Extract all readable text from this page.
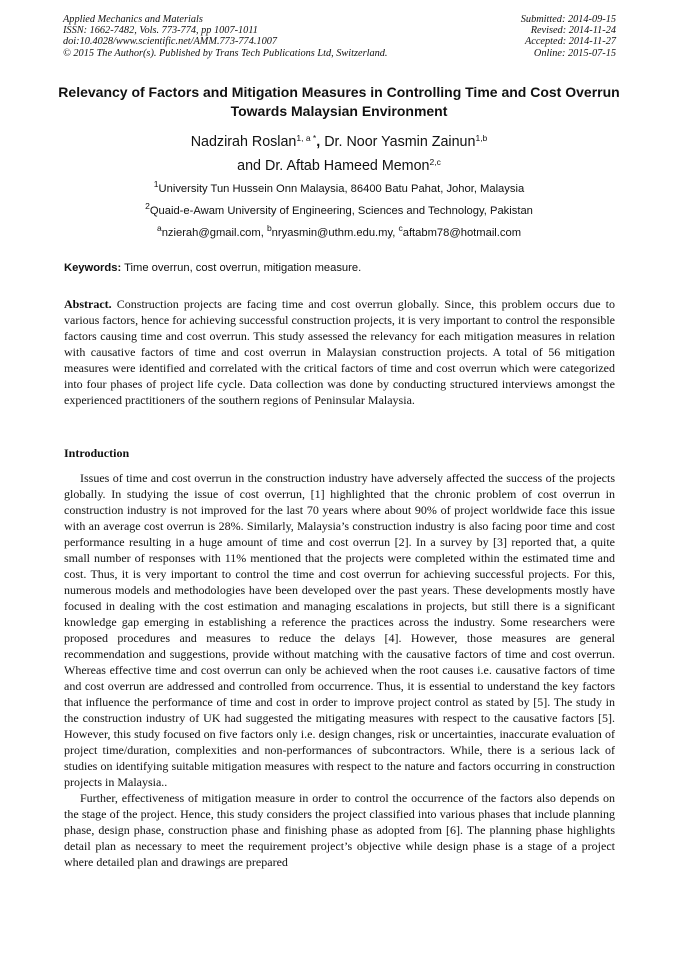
Applied Mechanics and Materials
ISSN: 1662-7482, Vols. 773-774, pp 1007-1011
doi:10.4028/www.scientific.net/AMM.773-774.1007
© 2015 The Author(s). Published by Trans Tech Publications Ltd, Switzerland.
Submitted: 2014-09-15
Revised: 2014-11-24
Accepted: 2014-11-27
Online: 2015-07-15
Relevancy of Factors and Mitigation Measures in Controlling Time and Cost Overrun Towards Malaysian Environment
Nadzirah Roslan$^{1, a *}$, Dr. Noor Yasmin Zainun$^{1,b}$
and Dr. Aftab Hameed Memon$^{2,c}$
$^1$University Tun Hussein Onn Malaysia, 86400 Batu Pahat, Johor, Malaysia
$^2$Quaid-e-Awam University of Engineering, Sciences and Technology, Pakistan
$^a$nzierah@gmail.com, $^b$nryasmin@uthm.edu.my, $^c$aftabm78@hotmail.com
Keywords: Time overrun, cost overrun, mitigation measure.
Abstract. Construction projects are facing time and cost overrun globally. Since, this problem occurs due to various factors, hence for achieving successful construction projects, it is very important to control the responsible factors causing time and cost overrun. This study assessed the relevancy for each mitigation measures in relation with causative factors of time and cost overrun in Malaysian construction projects. A total of 56 mitigation measures were identified and correlated with the critical factors of time and cost overrun which were categorized into four phases of project life cycle. Data collection was done by conducting structured interviews amongst the experienced practitioners of the southern regions of Peninsular Malaysia.
Introduction

Issues of time and cost overrun in the construction industry have adversely affected the success of the projects globally. In studying the issue of cost overrun, [1] highlighted that the chronic problem of cost overrun in construction industry is not improved for the last 70 years where about 90% of project worldwide face this issue with an average cost overrun is 28%. Similarly, Malaysia’s construction industry is also facing poor time and cost performance resulting in a huge amount of time and cost overrun [2]. In a survey by [3] reported that, a quite small number of responses with 11% mentioned that the projects were completed within the estimated time and cost. Thus, it is very important to control the time and cost overrun for achieving successful projects. For this, numerous models and methodologies have been developed over the past years. These developments mostly have focused in dealing with the cost estimation and managing escalations in projects, but still there is a significant knowledge gap emerging in establishing a reference the practices across the industry. Some researchers were proposed procedures and measures to reduce the delays [4]. However, those measures are general recommendation and suggestions, provide without matching with the causative factors of time and cost overrun. Whereas effective time and cost overrun can only be achieved when the root causes i.e. causative factors of time and cost overrun are addressed and controlled from occurrence. Thus, it is essential to understand the key factors that influence the performance of time and cost in order to improve project control as stated by [5]. The study in the construction industry of UK had suggested the mitigating measures with respect to the causative factors [5]. However, this study focused on five factors only i.e. design changes, risk or uncertainties, inaccurate evaluation of project time/duration, complexities and non-performances of subcontractors. While, there is a serious lack of studies on identifying suitable mitigation measures with respect to the nature and factors occurring in construction projects in Malaysia..

Further, effectiveness of mitigation measure in order to control the occurrence of the factors also depends on the stage of the project. Hence, this study considers the project classified into various phases that include planning phase, design phase, construction phase and finishing phase as adopted from [6]. The planning phase highlights detail plan as necessary to meet the requirement project’s objective while design phase is a stage of a project where detailed plan and drawings are prepared
